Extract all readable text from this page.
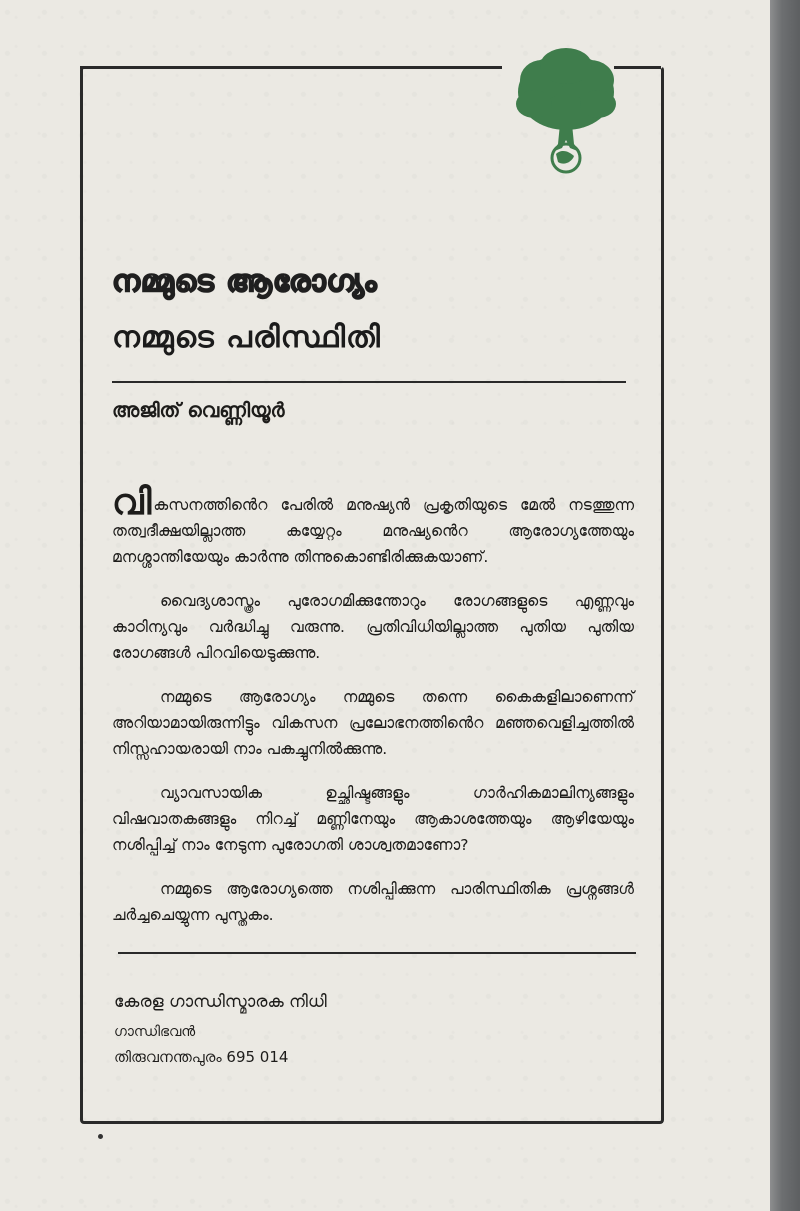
നമ്മുടെ ആരോഗ്യം
നമ്മുടെ പരിസ്ഥിതി
അജിത് വെണ്ണിയൂർ

വികസനത്തിൻെറ പേരിൽ മനുഷ്യൻ പ്രകൃതിയുടെ മേൽ നടത്തുന്ന തത്വദീക്ഷയില്ലാത്ത കയ്യേറ്റം മനുഷ്യൻെറ ആരോഗ്യത്തേയും മനശ്ശാന്തിയേയും കാർന്നു തിന്നുകൊണ്ടിരിക്കുകയാണ്.

വൈദ്യശാസ്ത്രം പുരോഗമിക്കുന്തോറും രോഗങ്ങളുടെ എണ്ണവും കാഠിന്യവും വർദ്ധിച്ചു വരുന്നു. പ്രതിവിധിയില്ലാത്ത പുതിയ പുതിയ രോഗങ്ങൾ പിറവിയെടുക്കുന്നു.

നമ്മുടെ ആരോഗ്യം നമ്മുടെ തന്നെ കൈകളിലാണെന്ന് അറിയാമായിരുന്നിട്ടും വികസന പ്രലോഭനത്തിൻെറ മഞ്ഞവെളിച്ചത്തിൽ നിസ്സഹായരായി നാം പകച്ചുനിൽക്കുന്നു.

വ്യാവസായിക ഉച്ഛിഷ്ടങ്ങളും ഗാർഹികമാലിന്യങ്ങളും വിഷവാതകങ്ങളും നിറച്ച് മണ്ണിനേയും ആകാശത്തേയും ആഴിയേയും നശിപ്പിച്ച് നാം നേടുന്ന പുരോഗതി ശാശ്വതമാണോ?

നമ്മുടെ ആരോഗ്യത്തെ നശിപ്പിക്കുന്ന പാരിസ്ഥിതിക പ്രശ്നങ്ങൾ ചർച്ചചെയ്യുന്ന പുസ്തകം.

കേരള ഗാന്ധിസ്മാരക നിധി
ഗാന്ധിഭവൻ
തിരുവനന്തപുരം 695 014
